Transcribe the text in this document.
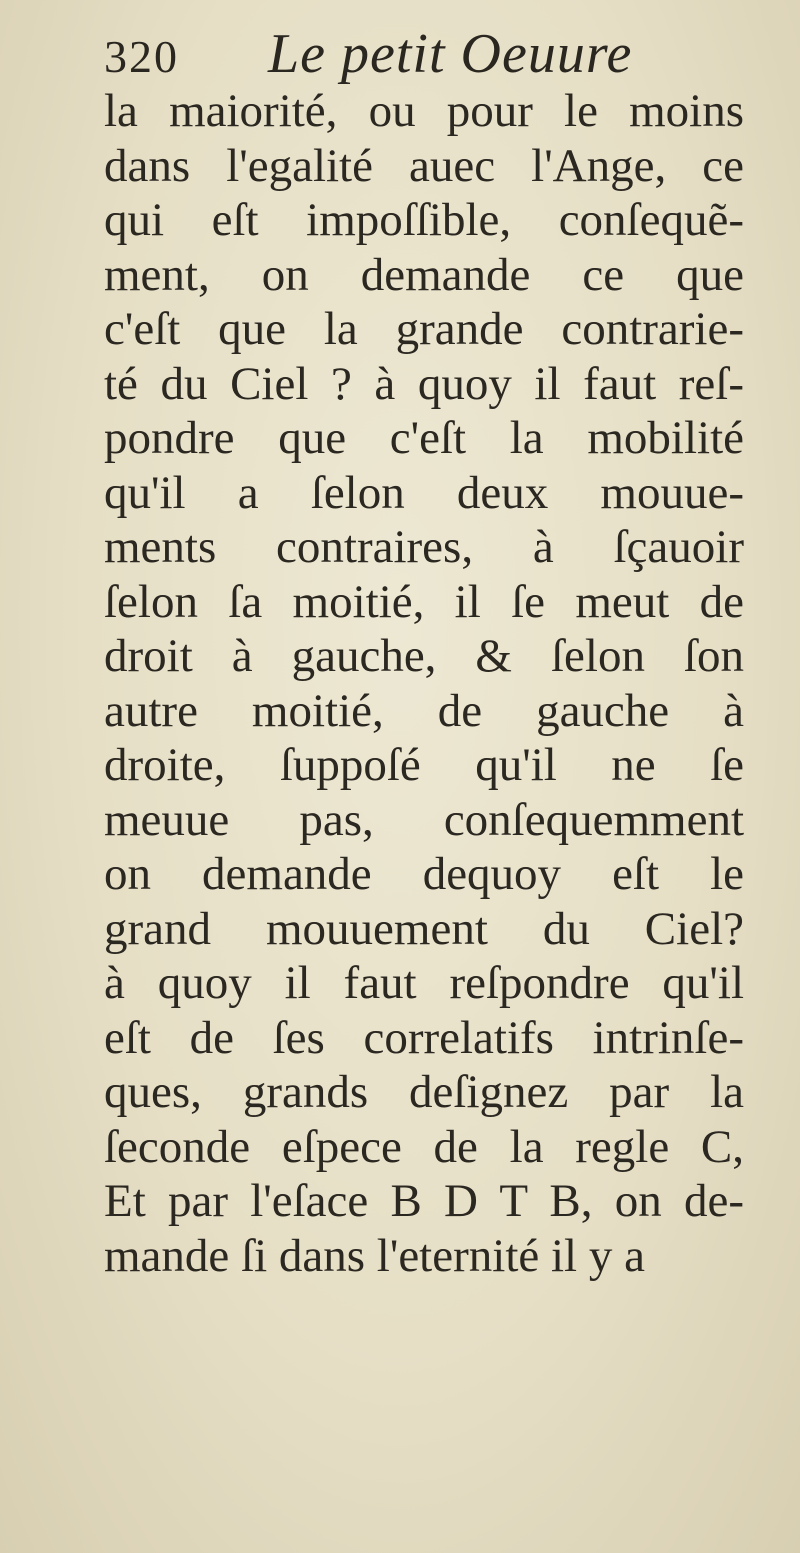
320 Le petit Oeuure
la maiorité, ou pour le moins
dans l'egalité auec l'Ange, ce
qui eſt impoſſible, conſequẽ-
ment, on demande ce que
c'eſt que la grande contrarie-
té du Ciel ? à quoy il faut reſ-
pondre que c'eſt la mobilité
qu'il a ſelon deux mouue-
ments contraires, à ſçauoir
ſelon ſa moitié, il ſe meut de
droit à gauche, & ſelon ſon
autre moitié, de gauche à
droite, ſuppoſé qu'il ne ſe
meuue pas, conſequemment
on demande dequoy eſt le
grand mouuement du Ciel?
à quoy il faut reſpondre qu'il
eſt de ſes correlatifs intrinſe-
ques, grands deſignez par la
ſeconde eſpece de la regle C,
Et par l'eſace B D T B, on de-
mande ſi dans l'eternité il y a
